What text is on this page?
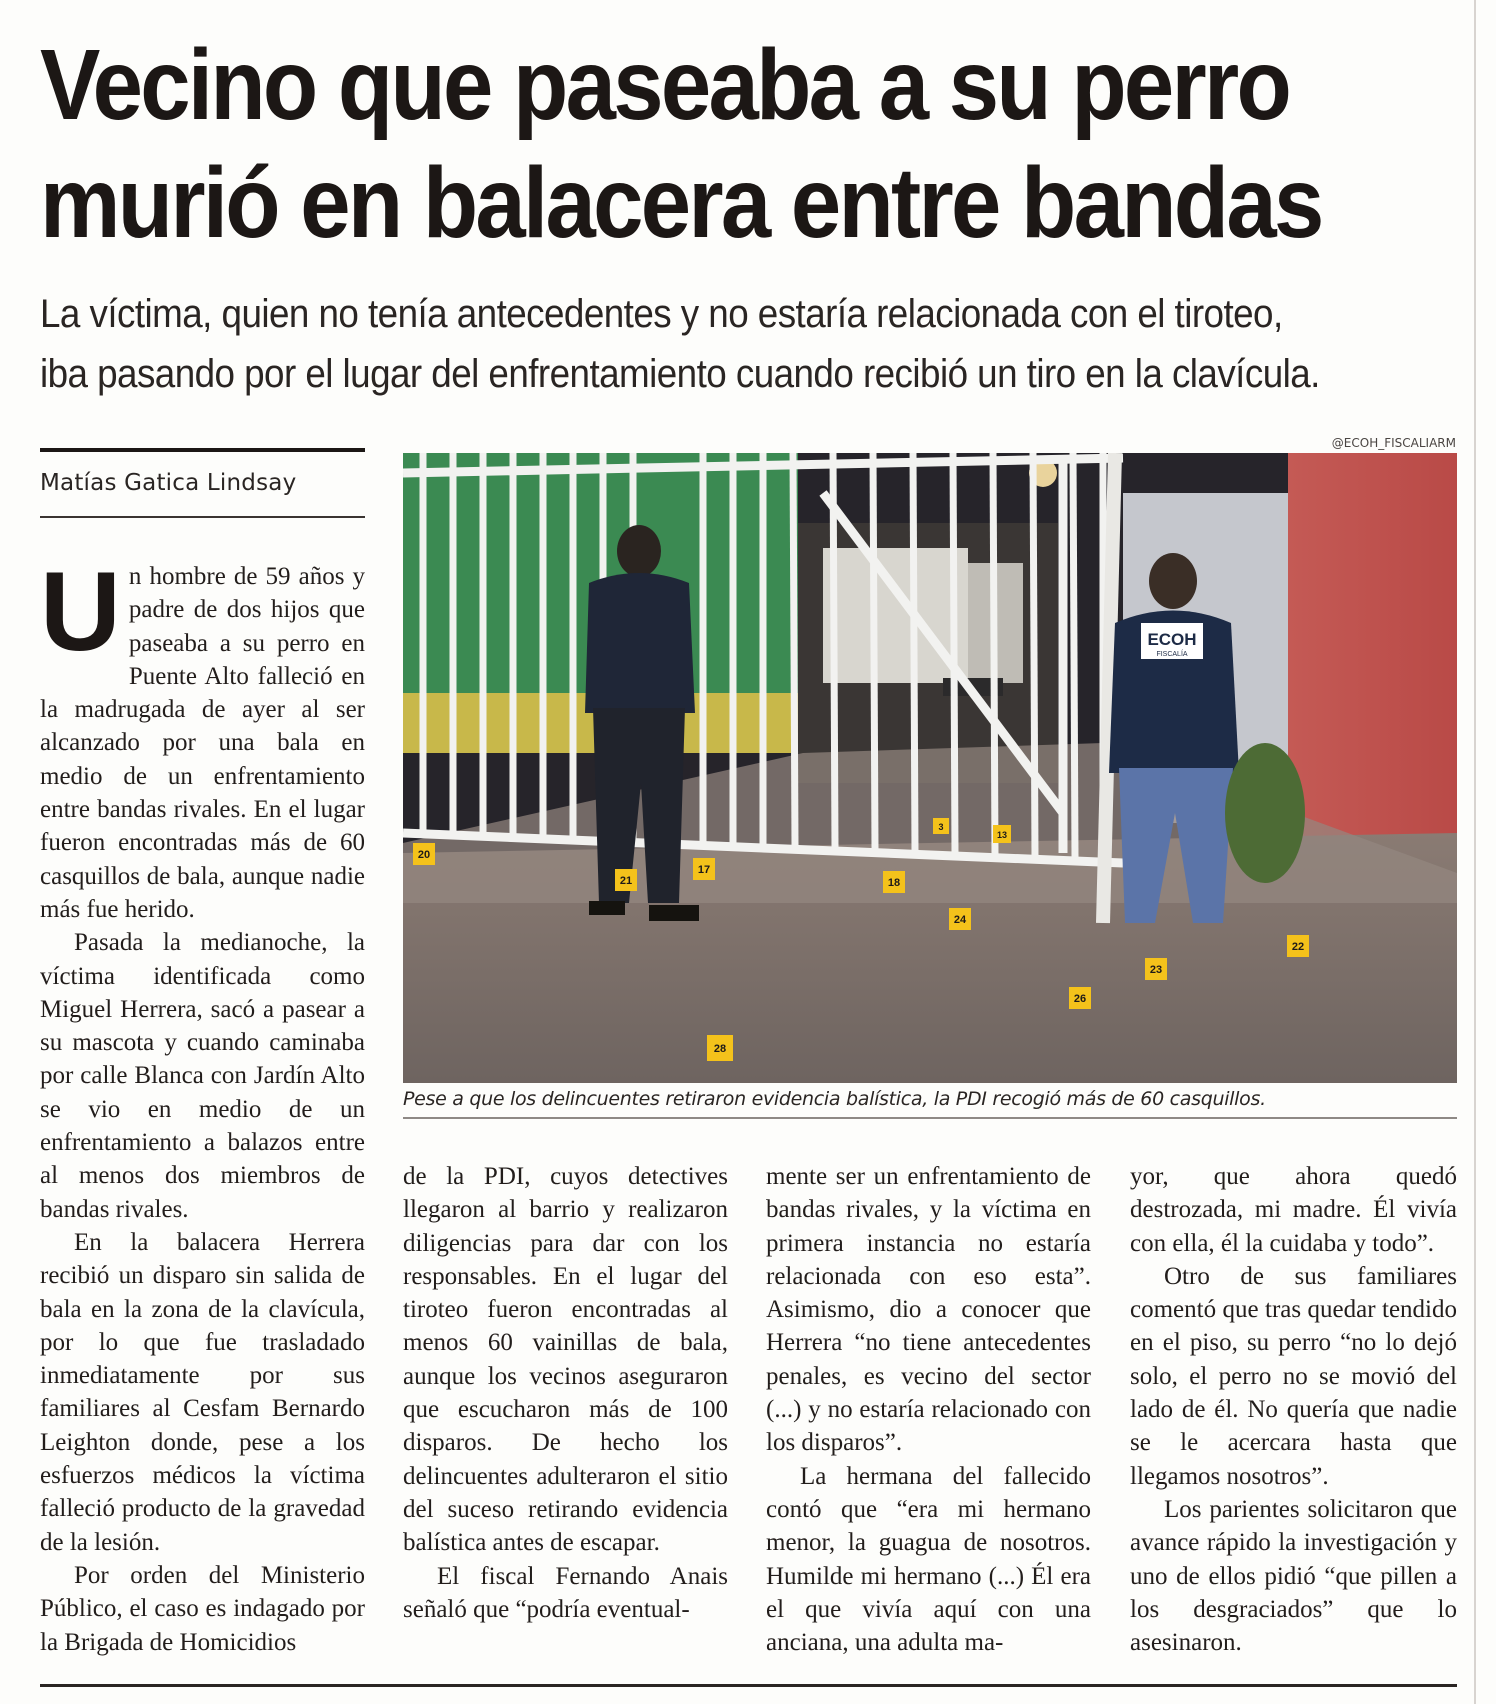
Vecino que paseaba a su perro murió en balacera entre bandas

La víctima, quien no tenía antecedentes y no estaría relacionada con el tiroteo, iba pasando por el lugar del enfrentamiento cuando recibió un tiro en la clavícula.

Matías Gatica Lindsay
U n hombre de 59 años y padre de dos hijos que paseaba a su perro en Puente Alto falleció en la madrugada de ayer al ser alcanzado por una bala en medio de un enfrentamiento entre bandas rivales. En el lugar fueron encontradas más de 60 casquillos de bala, aunque nadie más fue herido.

Pasada la medianoche, la víctima identificada como Miguel Herrera, sacó a pasear a su mascota y cuando caminaba por calle Blanca con Jardín Alto se vio en medio de un enfrentamiento a balazos entre al menos dos miembros de bandas rivales.

En la balacera Herrera recibió un disparo sin salida de bala en la zona de la clavícula, por lo que fue trasladado inmediatamente por sus familiares al Cesfam Bernardo Leighton donde, pese a los esfuerzos médicos la víctima falleció producto de la gravedad de la lesión.

Por orden del Ministerio Público, el caso es indagado por la Brigada de Homicidios

@ECOH_FISCALIARM
ECOH
FISCALÍA
20
21
17
18
24
23
26
22
28
13
3
Pese a que los delincuentes retiraron evidencia balística, la PDI recogió más de 60 casquillos.

de la PDI, cuyos detectives llegaron al barrio y realizaron diligencias para dar con los responsables. En el lugar del tiroteo fueron encontradas al menos 60 vainillas de bala, aunque los vecinos aseguraron que escucharon más de 100 disparos. De hecho los delincuentes adulteraron el sitio del suceso retirando evidencia balística antes de escapar.

El fiscal Fernando Anais señaló que “podría eventual-

mente ser un enfrentamiento de bandas rivales, y la víctima en primera instancia no estaría relacionada con eso esta”. Asimismo, dio a conocer que Herrera “no tiene antecedentes penales, es vecino del sector (...) y no estaría relacionado con los disparos”.

La hermana del fallecido contó que “era mi hermano menor, la guagua de nosotros. Humilde mi hermano (...) Él era el que vivía aquí con una anciana, una adulta ma-

yor, que ahora quedó destrozada, mi madre. Él vivía con ella, él la cuidaba y todo”.

Otro de sus familiares comentó que tras quedar tendido en el piso, su perro “no lo dejó solo, el perro no se movió del lado de él. No quería que nadie se le acercara hasta que llegamos nosotros”.

Los parientes solicitaron que avance rápido la investigación y uno de ellos pidió “que pillen a los desgraciados” que lo asesinaron.
